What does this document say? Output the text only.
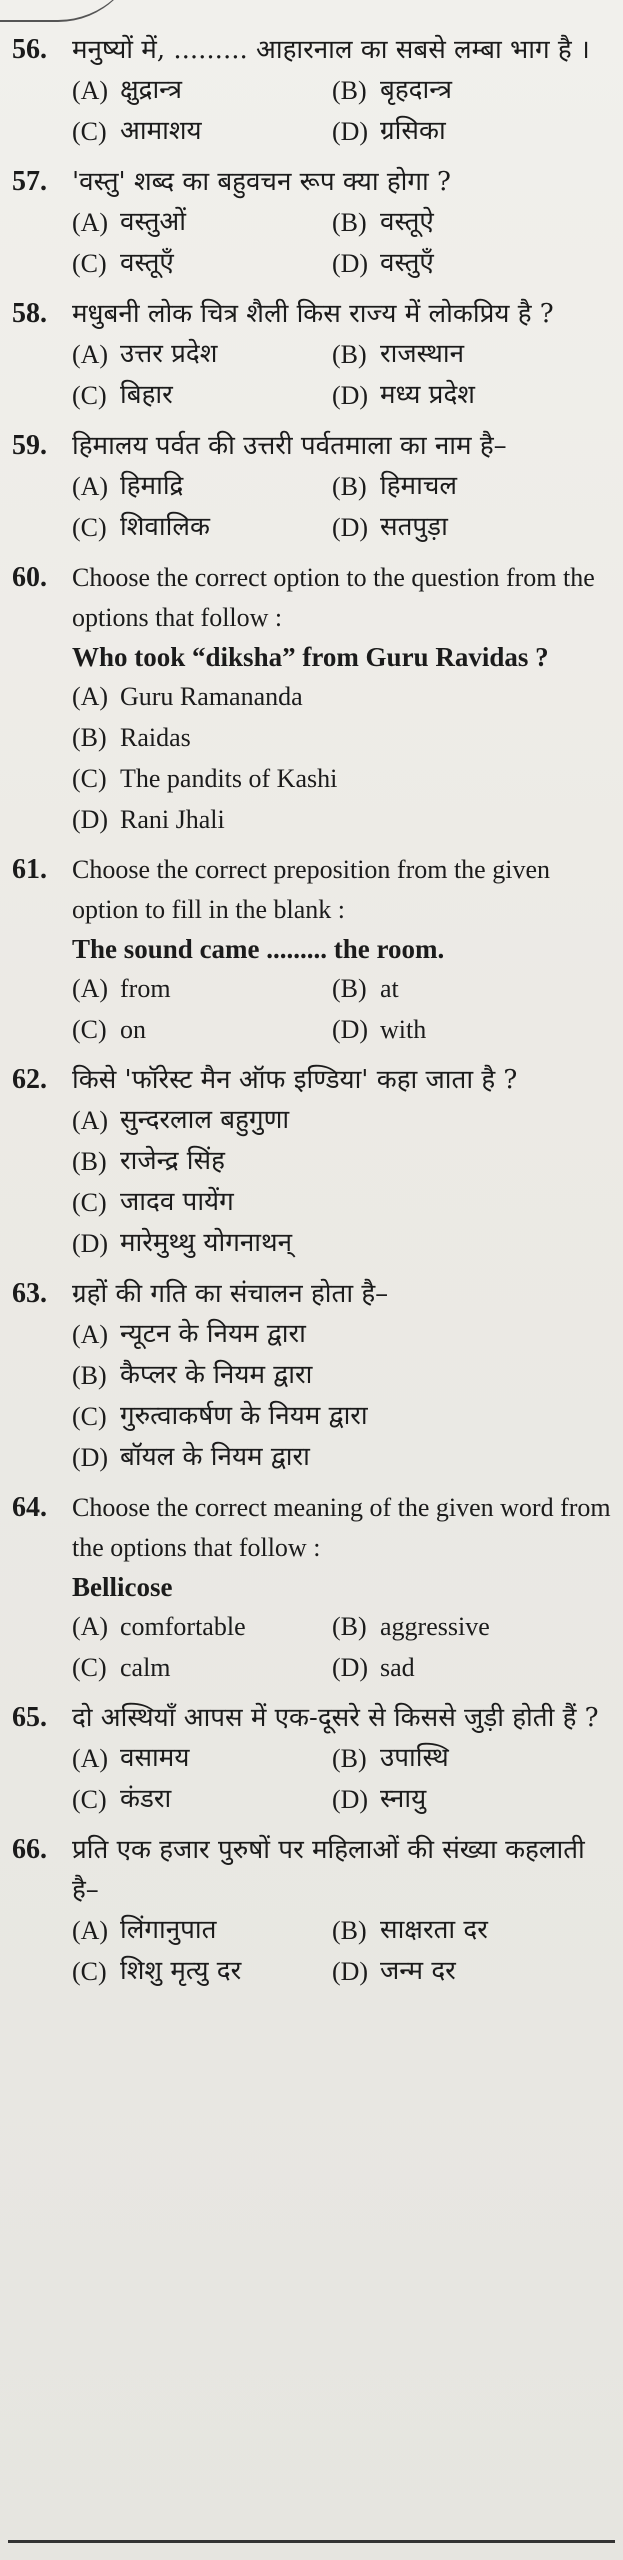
56. मनुष्यों में, ......... आहारनाल का सबसे लम्बा भाग है ।
(A) क्षुद्रान्त्र	(B) बृहदान्त्र
(C) आमाशय	(D) ग्रसिका
57. 'वस्तु' शब्द का बहुवचन रूप क्या होगा ?
(A) वस्तुओं	(B) वस्तूऐ
(C) वस्तूएँ	(D) वस्तुएँ
58. मधुबनी लोक चित्र शैली किस राज्य में लोकप्रिय है ?
(A) उत्तर प्रदेश	(B) राजस्थान
(C) बिहार	(D) मध्य प्रदेश
59. हिमालय पर्वत की उत्तरी पर्वतमाला का नाम है–
(A) हिमाद्रि	(B) हिमाचल
(C) शिवालिक	(D) सतपुड़ा
60. Choose the correct option to the question from the options that follow :
Who took “diksha” from Guru Ravidas ?
(A) Guru Ramananda
(B) Raidas
(C) The pandits of Kashi
(D) Rani Jhali
61. Choose the correct preposition from the given option to fill in the blank :
The sound came ......... the room.
(A) from	(B) at
(C) on	(D) with
62. किसे 'फॉरेस्ट मैन ऑफ इण्डिया' कहा जाता है ?
(A) सुन्दरलाल बहुगुणा
(B) राजेन्द्र सिंह
(C) जादव पायेंग
(D) मारेमुथ्थु योगनाथन्
63. ग्रहों की गति का संचालन होता है–
(A) न्यूटन के नियम द्वारा
(B) कैप्लर के नियम द्वारा
(C) गुरुत्वाकर्षण के नियम द्वारा
(D) बॉयल के नियम द्वारा
64. Choose the correct meaning of the given word from the options that follow :
Bellicose
(A) comfortable	(B) aggressive
(C) calm	(D) sad
65. दो अस्थियाँ आपस में एक-दूसरे से किससे जुड़ी होती हैं ?
(A) वसामय	(B) उपास्थि
(C) कंडरा	(D) स्नायु
66. प्रति एक हजार पुरुषों पर महिलाओं की संख्या कहलाती है–
(A) लिंगानुपात	(B) साक्षरता दर
(C) शिशु मृत्यु दर	(D) जन्म दर
